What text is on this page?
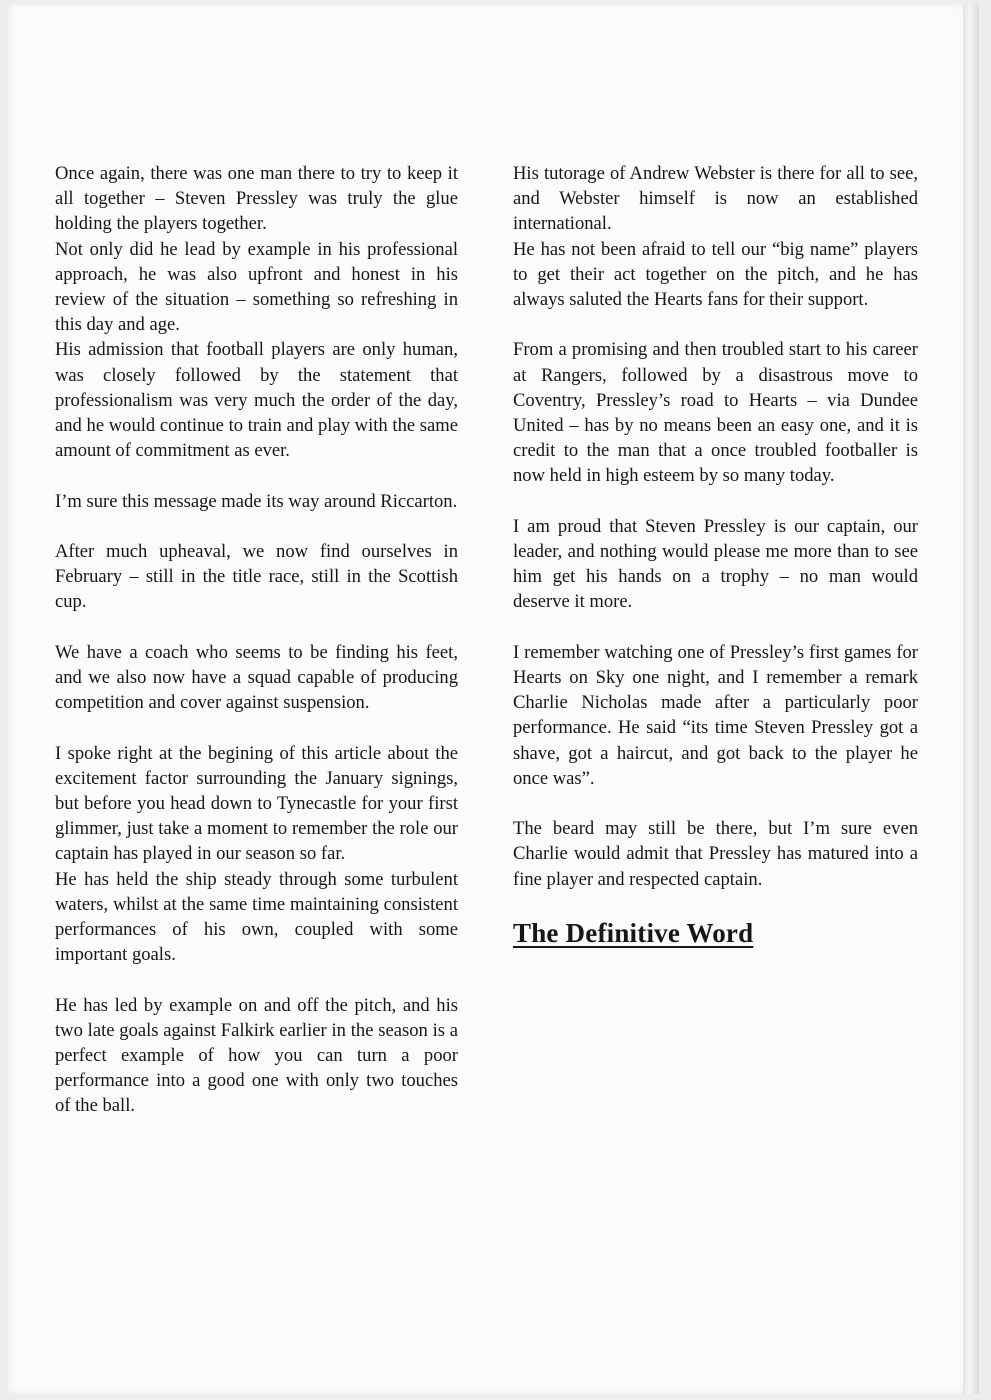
Once again, there was one man there to try to keep it all together – Steven Pressley was truly the glue holding the players together.

Not only did he lead by example in his professional approach, he was also upfront and honest in his review of the situation – something so refreshing in this day and age.

His admission that football players are only human, was closely followed by the statement that professionalism was very much the order of the day, and he would continue to train and play with the same amount of commitment as ever.

I’m sure this message made its way around Riccarton.

After much upheaval, we now find ourselves in February – still in the title race, still in the Scottish cup.

We have a coach who seems to be finding his feet, and we also now have a squad capable of producing competition and cover against suspension.

I spoke right at the begining of this article about the excitement factor surrounding the January signings, but before you head down to Tynecastle for your first glimmer, just take a moment to remember the role our captain has played in our season so far.

He has held the ship steady through some turbulent waters, whilst at the same time maintaining consistent performances of his own, coupled with some important goals.

He has led by example on and off the pitch, and his two late goals against Falkirk earlier in the season is a perfect example of how you can turn a poor performance into a good one with only two touches of the ball.

His tutorage of Andrew Webster is there for all to see, and Webster himself is now an established international.

He has not been afraid to tell our “big name” players to get their act together on the pitch, and he has always saluted the Hearts fans for their support.

From a promising and then troubled start to his career at Rangers, followed by a disastrous move to Coventry, Pressley’s road to Hearts – via Dundee United – has by no means been an easy one, and it is credit to the man that a once troubled footballer is now held in high esteem by so many today.

I am proud that Steven Pressley is our captain, our leader, and nothing would please me more than to see him get his hands on a trophy – no man would deserve it more.

I remember watching one of Pressley’s first games for Hearts on Sky one night, and I remember a remark Charlie Nicholas made after a particularly poor performance. He said “its time Steven Pressley got a shave, got a haircut, and got back to the player he once was”.

The beard may still be there, but I’m sure even Charlie would admit that Pressley has matured into a fine player and respected captain.

The Definitive Word
